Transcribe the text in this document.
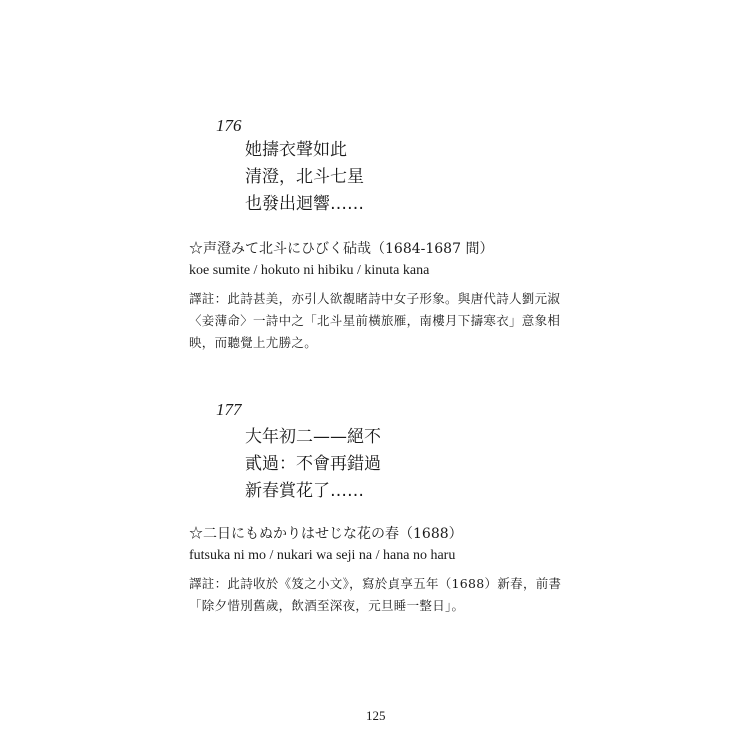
176
她擣衣聲如此
清澄，北斗七星
也發出迴響……
☆声澄みて北斗にひびく砧哉（1684-1687 間）
koe sumite / hokuto ni hibiku / kinuta kana
譯註：此詩甚美，亦引人欲覩睹詩中女子形象。與唐代詩人劉元淑
〈妾薄命〉一詩中之「北斗星前橫旅雁，南樓月下擣寒衣」意象相
映，而聽覺上尤勝之。
177
大年初二——絕不
貳過：不會再錯過
新春賞花了……
☆二日にもぬかりはせじな花の春（1688）
futsuka ni mo / nukari wa seji na / hana no haru
譯註：此詩收於《笈之小文》，寫於貞享五年（1688）新春，前書
「除夕惜別舊歲，飲酒至深夜，元旦睡一整日」。
125
